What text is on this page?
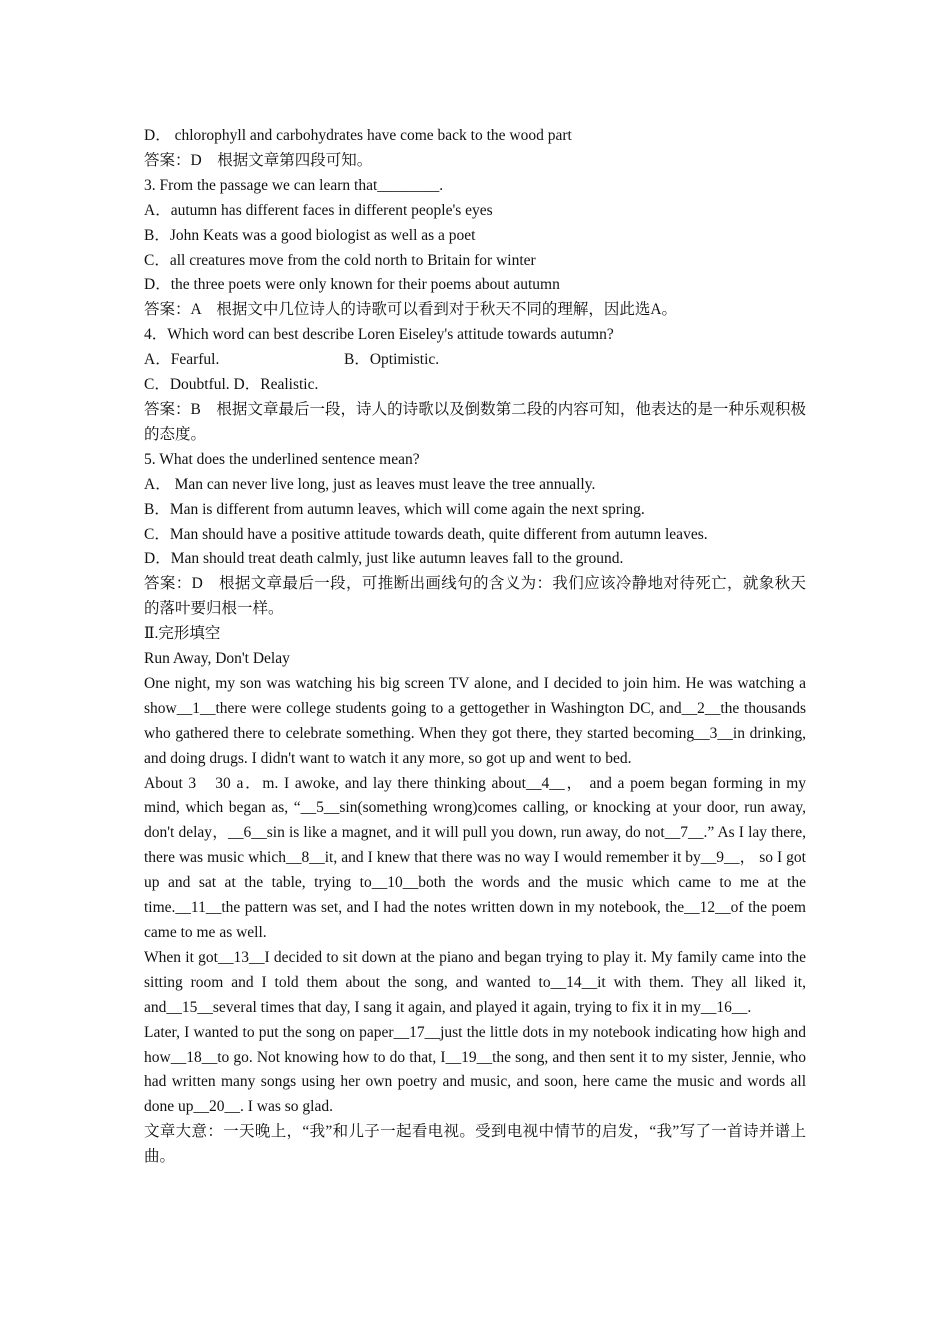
D． chlorophyll and carbohydrates have come back to the wood part
答案：D　根据文章第四段可知。
3. From the passage we can learn that________.
A．autumn has different faces in different people's eyes
B．John Keats was a good biologist as well as a poet
C．all creatures move from the cold north to Britain for winter
D．the three poets were only known for their poems about autumn
答案：A　根据文中几位诗人的诗歌可以看到对于秋天不同的理解，因此选A。
4．Which word can best describe Loren Eiseley's attitude towards autumn?
A．Fearful.	B．Optimistic.
C．Doubtful. D．Realistic.
答案：B　根据文章最后一段，诗人的诗歌以及倒数第二段的内容可知，他表达的是一种乐观积极的态度。
5. What does the underlined sentence mean?
A． Man can never live long, just as leaves must leave the tree annually.
B．Man is different from autumn leaves, which will come again the next spring.
C．Man should have a positive attitude towards death, quite different from autumn leaves.
D．Man should treat death calmly, just like autumn leaves fall to the ground.
答案：D　根据文章最后一段，可推断出画线句的含义为：我们应该冷静地对待死亡，就象秋天的落叶要归根一样。
Ⅱ.完形填空
Run Away, Don't Delay
One night, my son was watching his big screen TV alone, and I decided to join him. He was watching a show__1__there were college students going to a gettogether in Washington DC, and__2__the thousands who gathered there to celebrate something. When they got there, they started becoming__3__in drinking, and doing drugs. I didn't want to watch it any more, so got up and went to bed.
About 3　30 a．m. I awoke, and lay there thinking about__4__， and a poem began forming in my mind, which began as, “__5__sin(something wrong)comes calling, or knocking at your door, run away, don't delay，__6__sin is like a magnet, and it will pull you down, run away, do not__7__.” As I lay there, there was music which__8__it, and I knew that there was no way I would remember it by__9__， so I got up and sat at the table, trying to__10__both the words and the music which came to me at the time.__11__the pattern was set, and I had the notes written down in my notebook, the__12__of the poem came to me as well.
When it got__13__I decided to sit down at the piano and began trying to play it. My family came into the sitting room and I told them about the song, and wanted to__14__it with them. They all liked it, and__15__several times that day, I sang it again, and played it again, trying to fix it in my__16__.
Later, I wanted to put the song on paper__17__just the little dots in my notebook indicating how high and how__18__to go. Not knowing how to do that, I__19__the song, and then sent it to my sister, Jennie, who had written many songs using her own poetry and music, and soon, here came the music and words all done up__20__. I was so glad.
文章大意：一天晚上，“我”和儿子一起看电视。受到电视中情节的启发，“我”写了一首诗并谱上曲。
